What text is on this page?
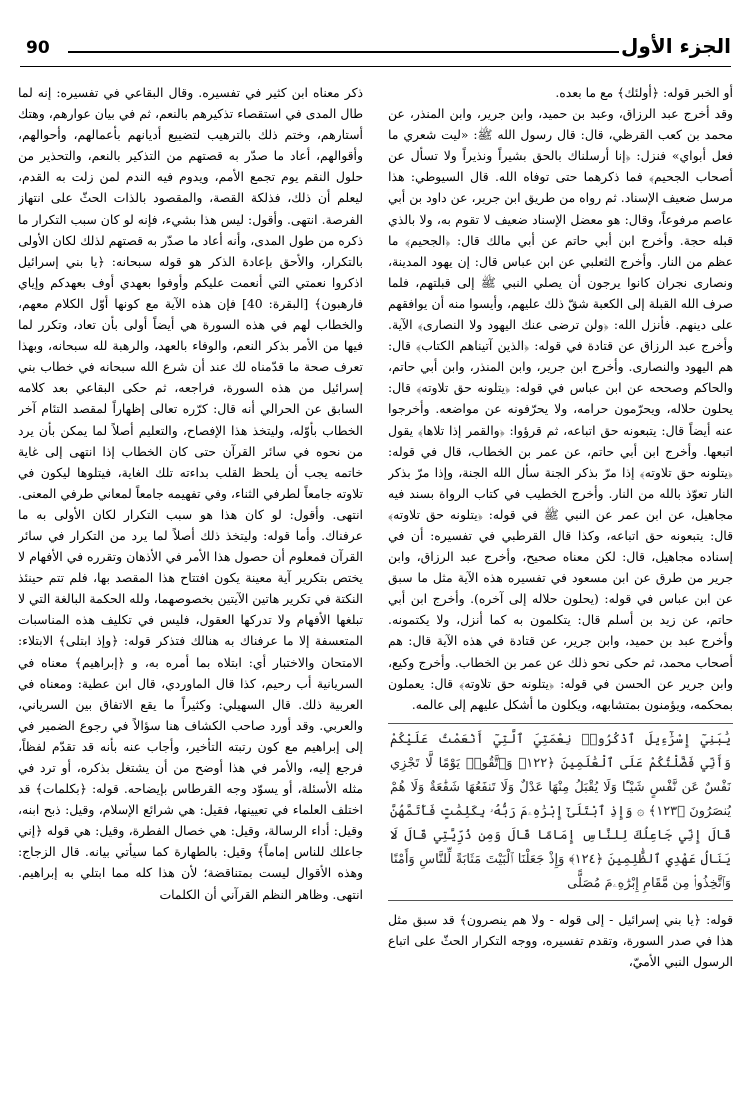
90	الجزء الأول

أو الخبر قوله: ﴿أولئك﴾ مع ما بعده.

وقد أخرج عبد الرزاق، وعبد بن حميد، وابن جرير، وابن المنذر، عن محمد بن كعب القرظي، قال: قال رسول الله ﷺ: «ليت شعري ما فعل أبواي» فنزل: ﴿إنا أرسلناك بالحق بشيراً ونذيراً ولا تسأل عن أصحاب الجحيم﴾ فما ذكرهما حتى توفاه الله. قال السيوطي: هذا مرسل ضعيف الإسناد. ثم رواه من طريق ابن جرير، عن داود بن أبي عاصم مرفوعاً، وقال: هو معضل الإسناد ضعيف لا تقوم به، ولا بالذي قبله حجة. وأخرج ابن أبي حاتم عن أبي مالك قال: ﴿الجحيم﴾ ما عظم من النار. وأخرج الثعلبي عن ابن عباس قال: إن يهود المدينة، ونصارى نجران كانوا يرجون أن يصلي النبي ﷺ إلى قبلتهم، فلما صرف الله القبلة إلى الكعبة شقّ ذلك عليهم، وأيسوا منه أن يوافقهم على دينهم. فأنزل الله: ﴿ولن ترضى عنك اليهود ولا النصارى﴾ الآية. وأخرج عبد الرزاق عن قتادة في قوله: ﴿الذين آتيناهم الكتاب﴾ قال: هم اليهود والنصارى. وأخرج ابن جرير، وابن المنذر، وابن أبي حاتم، والحاكم وصححه عن ابن عباس في قوله: ﴿يتلونه حق تلاوته﴾ قال: يحلون حلاله، ويحرّمون حرامه، ولا يحرّفونه عن مواضعه. وأخرجوا عنه أيضاً قال: يتبعونه حق اتباعه، ثم قرؤوا: ﴿والقمر إذا تلاها﴾ يقول اتبعها. وأخرج ابن أبي حاتم، عن عمر بن الخطاب، قال في قوله: ﴿يتلونه حق تلاوته﴾ إذا مرّ بذكر الجنة سأل الله الجنة، وإذا مرّ بذكر النار تعوّذ بالله من النار. وأخرج الخطيب في كتاب الرواة بسند فيه مجاهيل، عن ابن عمر عن النبي ﷺ في قوله: ﴿يتلونه حق تلاوته﴾ قال: يتبعونه حق اتباعه، وكذا قال القرطبي في تفسيره: أن في إسناده مجاهيل، قال: لكن معناه صحيح، وأخرج عبد الرزاق، وابن جرير من طرق عن ابن مسعود في تفسيره هذه الآية مثل ما سبق عن ابن عباس في قوله: (يحلون حلاله إلى آخره). وأخرج ابن أبي حاتم، عن زيد بن أسلم قال: يتكلمون به كما أنزل، ولا يكتمونه. وأخرج عبد بن حميد، وابن جرير، عن قتادة في هذه الآية قال: هم أصحاب محمد، ثم حكى نحو ذلك عن عمر بن الخطاب. وأخرج وكيع، وابن جرير عن الحسن في قوله: ﴿يتلونه حق تلاوته﴾ قال: يعملون بمحكمه، ويؤمنون بمتشابهه، ويكلون ما أشكل عليهم إلى عالمه.

يَٰبَنِيٓ إِسْرَٰٓءِيلَ ٱذْكُرُوا۟ نِعْمَتِيَ ٱلَّتِيٓ أَنْعَمْتُ عَلَيْكُمْ وَأَنِّي فَضَّلْتُكُمْ عَلَى ٱلْعَٰلَمِينَ ﴿١٢٢﴾ وَٱتَّقُوا۟ يَوْمًا لَّا تَجْزِي نَفْسٌ عَن نَّفْسٍ شَيْـًٔا وَلَا يُقْبَلُ مِنْهَا عَدْلٌ وَلَا تَنفَعُهَا شَفَٰعَةٌ وَلَا هُمْ يُنصَرُونَ ﴿١٢٣﴾ ۞ وَإِذِ ٱبْتَلَىٰٓ إِبْرَٰهِۦمَ رَبُّهُۥ بِكَلِمَٰتٍ فَأَتَمَّهُنَّ قَالَ إِنِّي جَاعِلُكَ لِلنَّاسِ إِمَامًا قَالَ وَمِن ذُرِّيَّتِي قَالَ لَا يَنَالُ عَهْدِي ٱلظَّٰلِمِينَ ﴿١٢٤﴾ وَإِذْ جَعَلْنَا ٱلْبَيْتَ مَثَابَةً لِّلنَّاسِ وَأَمْنًا وَٱتَّخِذُوا۟ مِن مَّقَامِ إِبْرَٰهِۦمَ مُصَلًّى

قوله: ﴿يا بني إسرائيل - إلى قوله - ولا هم ينصرون﴾ قد سبق مثل هذا في صدر السورة، وتقدم تفسيره، ووجه التكرار الحثّ على اتباع الرسول النبي الأميّ،

ذكر معناه ابن كثير في تفسيره. وقال البقاعي في تفسيره: إنه لما طال المدى في استقصاء تذكيرهم بالنعم، ثم في بيان عوارهم، وهتك أستارهم، وختم ذلك بالترهيب لتضييع أديانهم بأعمالهم، وأحوالهم، وأقوالهم، أعاد ما صدّر به قصتهم من التذكير بالنعم، والتحذير من حلول النقم يوم تجمع الأمم، ويدوم فيه الندم لمن زلت به القدم، ليعلم أن ذلك، فذلكة القصة، والمقصود بالذات الحثّ على انتهاز الفرصة. انتهى. وأقول: ليس هذا بشيء، فإنه لو كان سبب التكرار ما ذكره من طول المدى، وأنه أعاد ما صدّر به قصتهم لذلك لكان الأولى بالتكرار، والأحق بإعادة الذكر هو قوله سبحانه: ﴿يا بني إسرائيل اذكروا نعمتي التي أنعمت عليكم وأوفوا بعهدي أوف بعهدكم وإياي فارهبون﴾ [البقرة: 40] فإن هذه الآية مع كونها أوّل الكلام معهم، والخطاب لهم في هذه السورة هي أيضاً أولى بأن تعاد، وتكرر لما فيها من الأمر بذكر النعم، والوفاء بالعهد، والرهبة لله سبحانه، وبهذا تعرف صحة ما قدّمناه لك عند أن شرع الله سبحانه في خطاب بني إسرائيل من هذه السورة، فراجعه، ثم حكى البقاعي بعد كلامه السابق عن الحرالي أنه قال: كرّره تعالى إظهاراً لمقصد التئام آخر الخطاب بأوّله، وليتخذ هذا الإفصاح، والتعليم أصلاً لما يمكن بأن يرد من نحوه في سائر القرآن حتى كان الخطاب إذا انتهى إلى غاية خاتمه يجب أن يلحظ القلب بداءته تلك الغاية، فيتلوها ليكون في تلاوته جامعاً لطرفي الثناء، وفي تفهيمه جامعاً لمعاني طرفي المعنى. انتهى. وأقول: لو كان هذا هو سبب التكرار لكان الأولى به ما عرفناك. وأما قوله: وليتخذ ذلك أصلاً لما يرد من التكرار في سائر القرآن فمعلوم أن حصول هذا الأمر في الأذهان وتقرره في الأفهام لا يختص بتكرير آية معينة يكون افتتاح هذا المقصد بها، فلم تتم حينئذ النكتة في تكرير هاتين الآيتين بخصوصهما، ولله الحكمة البالغة التي لا تبلغها الأفهام ولا تدركها العقول، فليس في تكليف هذه المناسبات المتعسفة إلا ما عرفناك به هنالك فتذكر قوله: ﴿وإذ ابتلى﴾ الابتلاء: الامتحان والاختبار أي: ابتلاه بما أمره به، و ﴿إبراهيم﴾ معناه في السريانية أب رحيم، كذا قال الماوردي، قال ابن عطية: ومعناه في العربية ذلك. قال السهيلي: وكثيراً ما يقع الاتفاق بين السرياني، والعربي. وقد أورد صاحب الكشاف هنا سؤالاً في رجوع الضمير في إلى إبراهيم مع كون رتبته التأخير، وأجاب عنه بأنه قد تقدّم لفظاً، فرجع إليه، والأمر في هذا أوضح من أن يشتغل بذكره، أو ترد في مثله الأسئلة، أو يسوّد وجه القرطاس بإيضاحه. قوله: ﴿بكلمات﴾ قد اختلف العلماء في تعيينها، فقيل: هي شرائع الإسلام، وقيل: ذبح ابنه، وقيل: أداء الرسالة، وقيل: هي خصال الفطرة، وقيل: هي قوله ﴿إني جاعلك للناس إماماً﴾ وقيل: بالطهارة كما سيأتي بيانه. قال الزجاج: وهذه الأقوال ليست بمتناقضة؛ لأن هذا كله مما ابتلي به إبراهيم. انتهى. وظاهر النظم القرآني أن الكلمات
